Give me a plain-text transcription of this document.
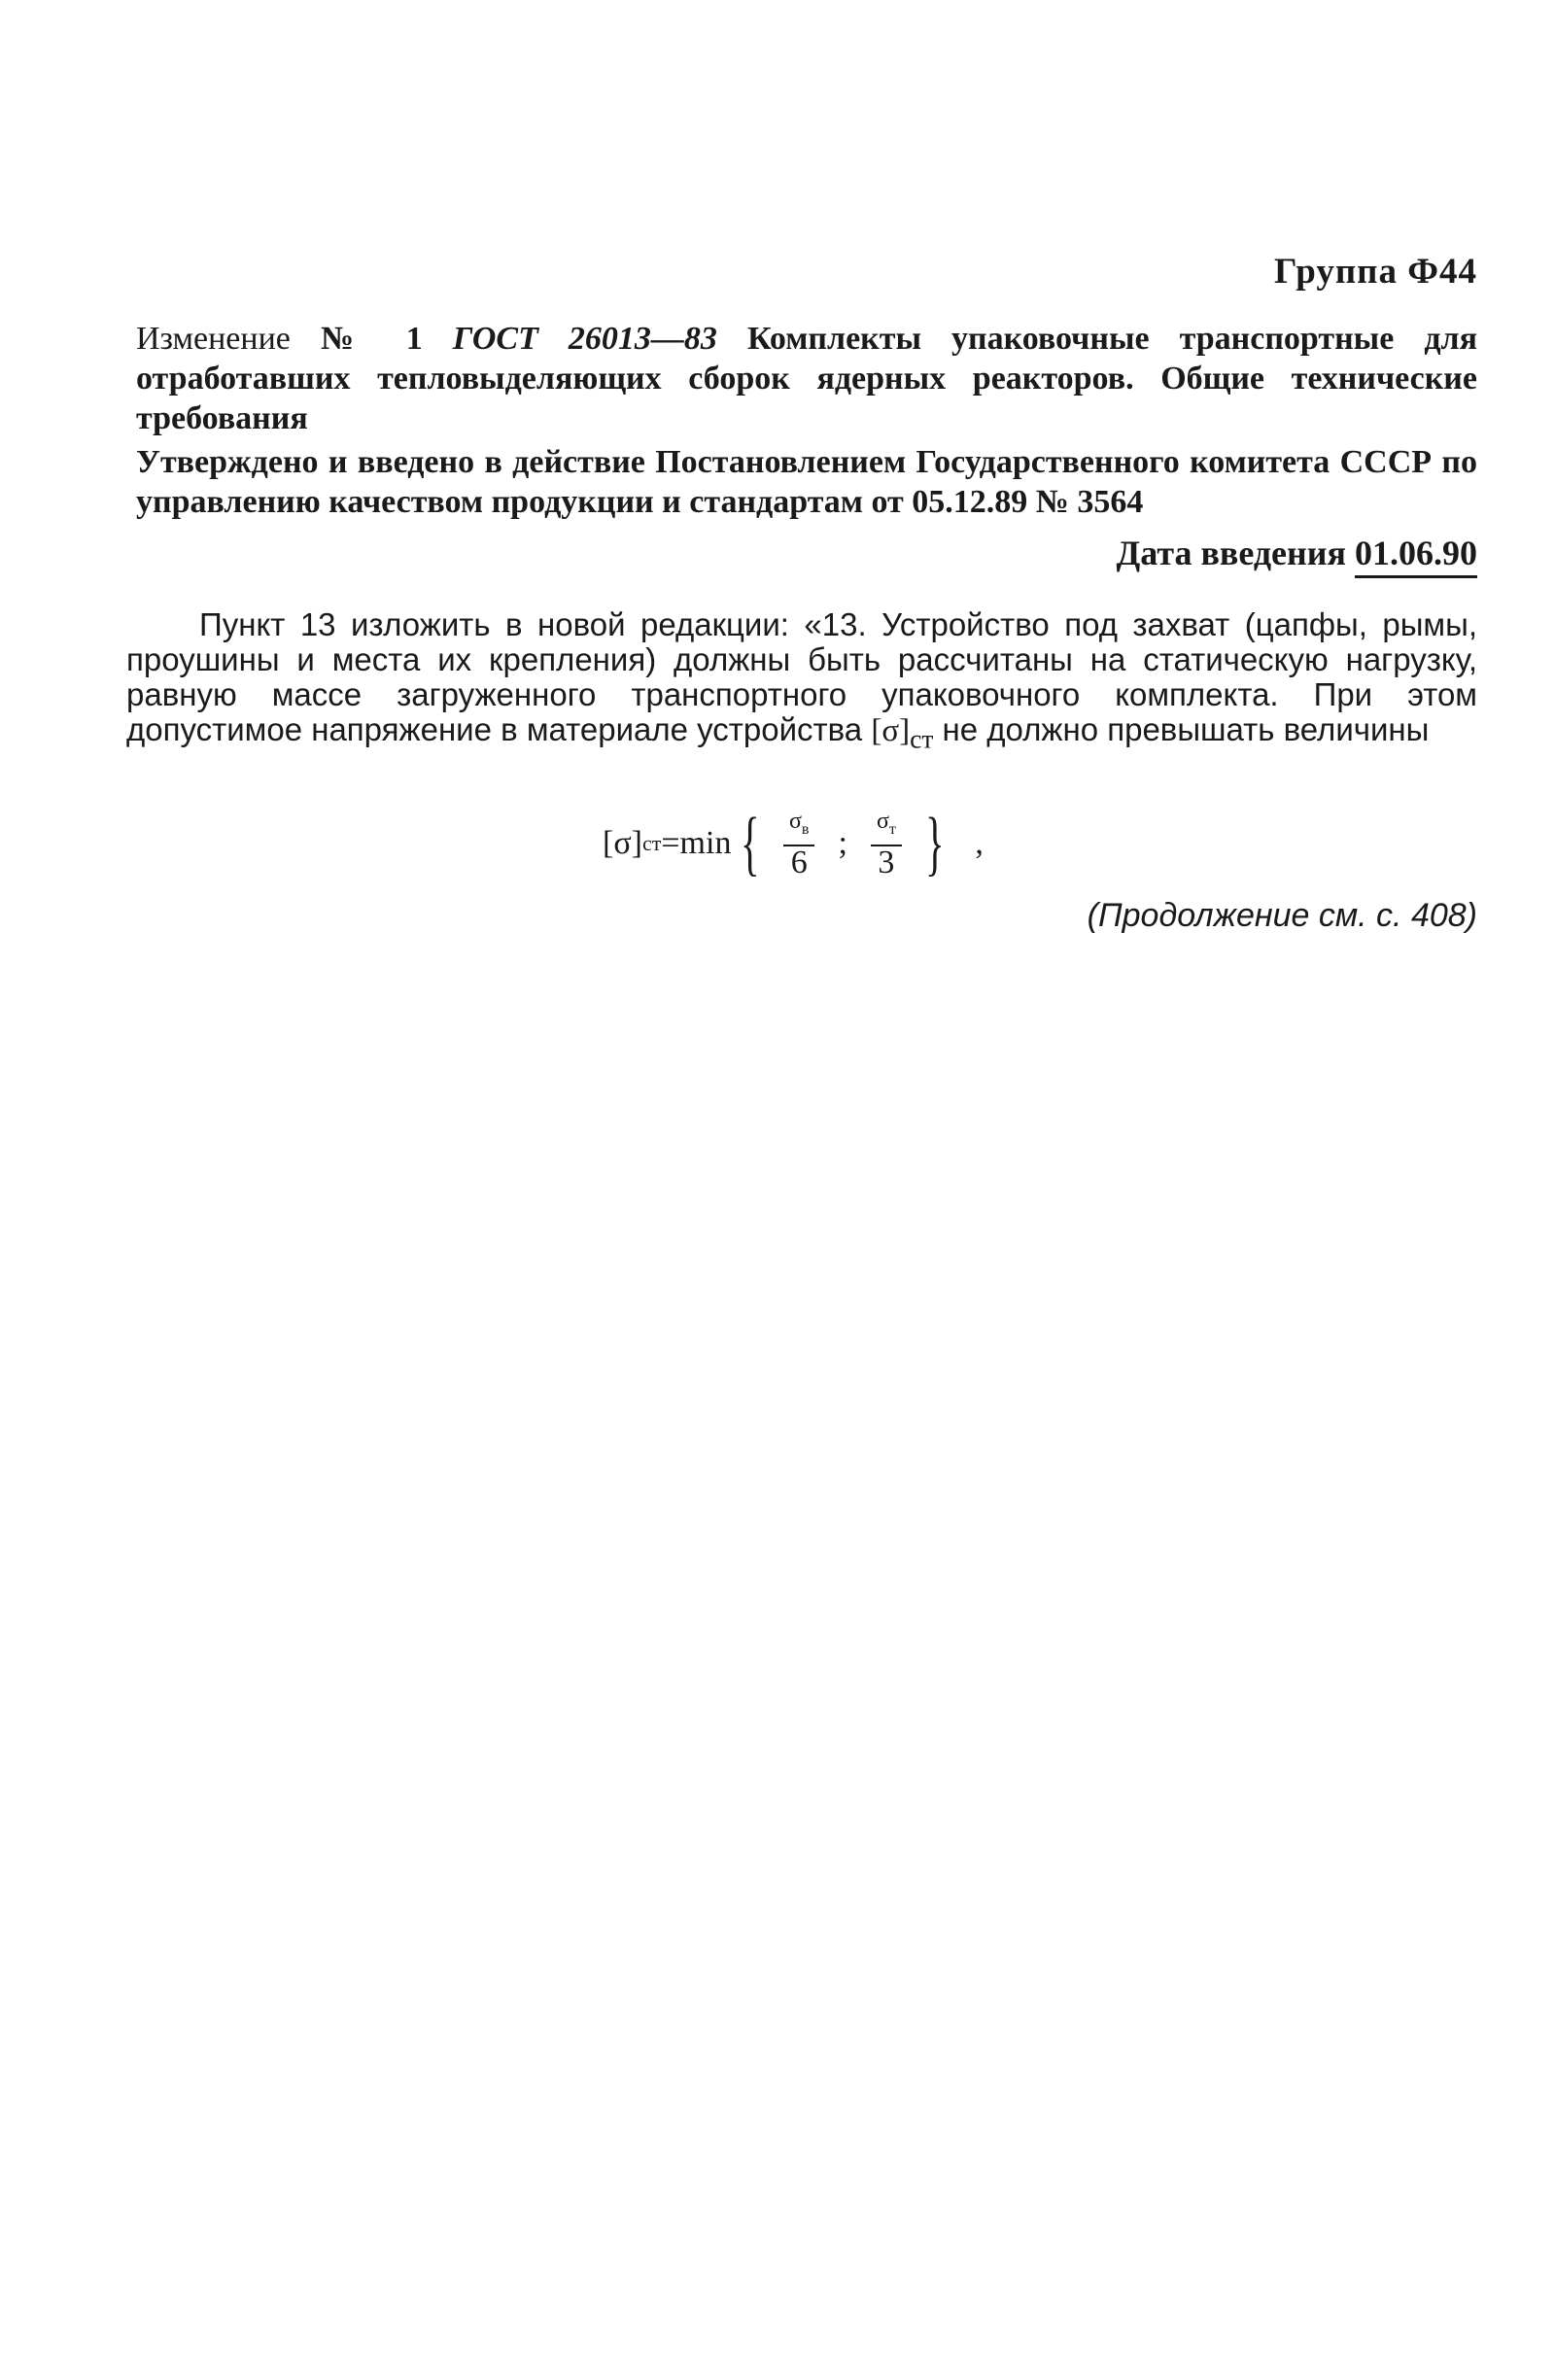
Группа Ф44
Изменение № 1 ГОСТ 26013—83 Комплекты упаковочные транспортные для отработавших тепловыделяющих сборок ядерных реакторов. Общие технические требования
Утверждено и введено в действие Постановлением Государственного комитета СССР по управлению качеством продукции и стандартам от 05.12.89 № 3564
Дата введения 01.06.90

Пункт 13 изложить в новой редакции: «13. Устройство под захват (цапфы, рымы, проушины и места их крепления) должны быть рассчитаны на статическую нагрузку, равную массе загруженного транспортного упаковочного комплекта. При этом допустимое напряжение в материале устройства $[\sigma]_{ст}$ не должно превышать величины

[σ] ст =min { $\frac{\sigma_в}{6}$ ; $\frac{\sigma_т}{3}$ } ,
(Продолжение см. с. 408)
